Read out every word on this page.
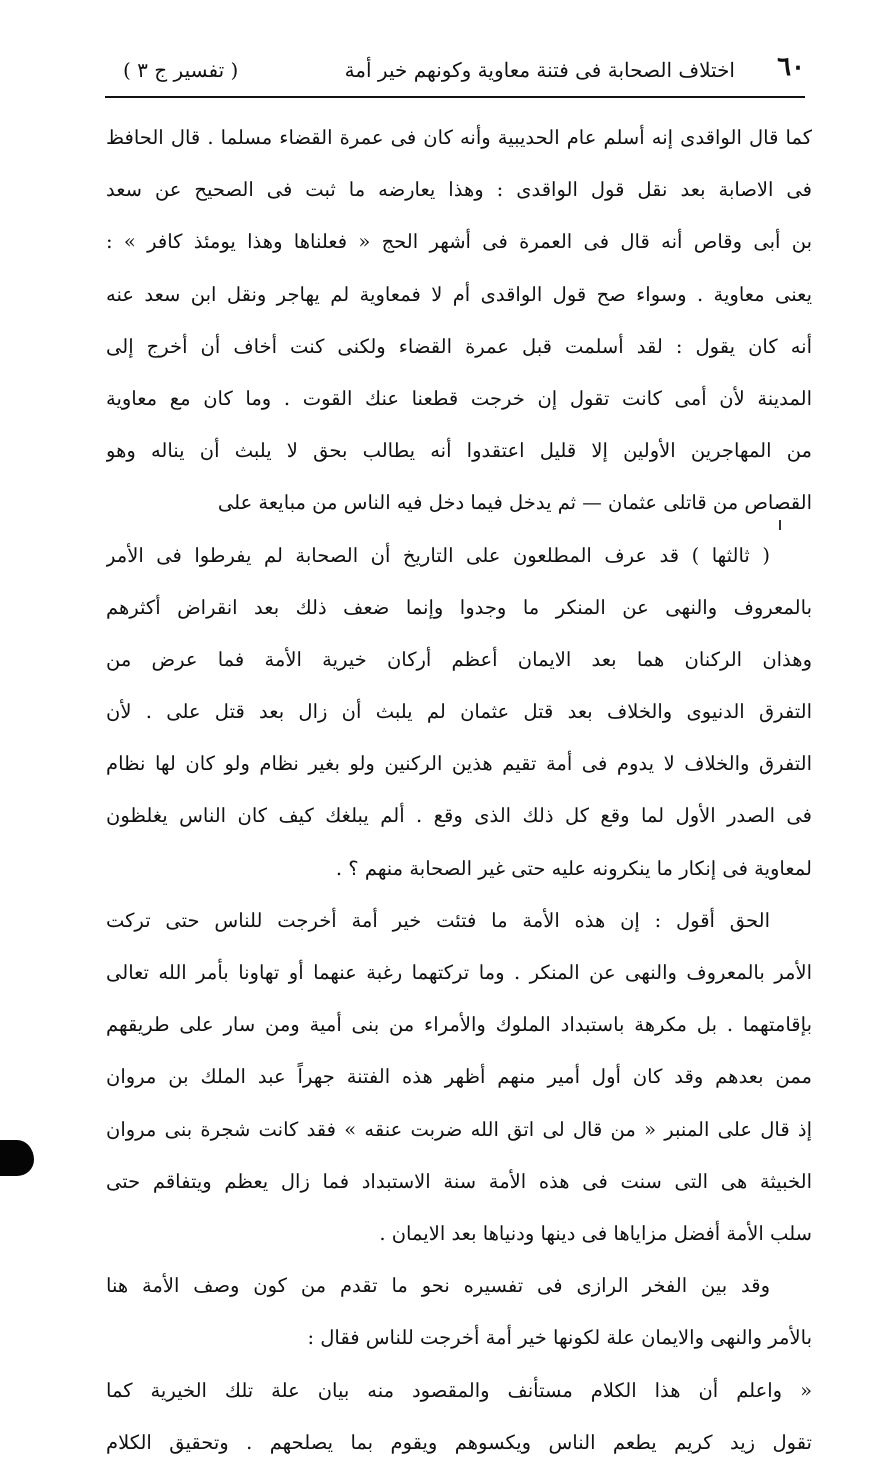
٦٠
اختلاف الصحابة فى فتنة معاوية وكونهم خير أمة
( تفسير ج ٣ )
كما قال الواقدى إنه أسلم عام الحديبية وأنه كان فى عمرة القضاء مسلما . قال الحافظ
فى الاصابة بعد نقل قول الواقدى : وهذا يعارضه ما ثبت فى الصحيح عن سعد
بن أبى وقاص أنه قال فى العمرة فى أشهر الحج « فعلناها وهذا يومئذ كافر » :
يعنى معاوية . وسواء صح قول الواقدى أم لا فمعاوية لم يهاجر ونقل ابن سعد عنه
أنه كان يقول : لقد أسلمت قبل عمرة القضاء ولكنى كنت أخاف أن أخرج إلى
المدينة لأن أمى كانت تقول إن خرجت قطعنا عنك القوت . وما كان مع معاوية
من المهاجرين الأولين إلا قليل اعتقدوا أنه يطالب بحق لا يلبث أن يناله وهو
القصاص من قاتلى عثمان — ثم يدخل فيما دخل فيه الناس من مبايعة على
( ثالثها ) قد عرف المطلعون على التاريخ أن الصحابة لم يفرطوا فى الأمر
بالمعروف والنهى عن المنكر ما وجدوا وإنما ضعف ذلك بعد انقراض أكثرهم
وهذان الركنان هما بعد الايمان أعظم أركان خيرية الأمة فما عرض من
التفرق الدنيوى والخلاف بعد قتل عثمان لم يلبث أن زال بعد قتل على . لأن
التفرق والخلاف لا يدوم فى أمة تقيم هذين الركنين ولو بغير نظام ولو كان لها نظام
فى الصدر الأول لما وقع كل ذلك الذى وقع . ألم يبلغك كيف كان الناس يغلظون
لمعاوية فى إنكار ما ينكرونه عليه حتى غير الصحابة منهم ؟ .
الحق أقول : إن هذه الأمة ما فتئت خير أمة أخرجت للناس حتى تركت
الأمر بالمعروف والنهى عن المنكر . وما تركتهما رغبة عنهما أو تهاونا بأمر الله تعالى
بإقامتهما . بل مكرهة باستبداد الملوك والأمراء من بنى أمية ومن سار على طريقهم
ممن بعدهم وقد كان أول أمير منهم أظهر هذه الفتنة جهراً عبد الملك بن مروان
إذ قال على المنبر « من قال لى اتق الله ضربت عنقه » فقد كانت شجرة بنى مروان
الخبيثة هى التى سنت فى هذه الأمة سنة الاستبداد فما زال يعظم ويتفاقم حتى
سلب الأمة أفضل مزاياها فى دينها ودنياها بعد الايمان .
وقد بين الفخر الرازى فى تفسيره نحو ما تقدم من كون وصف الأمة هنا
بالأمر والنهى والايمان علة لكونها خير أمة أخرجت للناس فقال :
« واعلم أن هذا الكلام مستأنف والمقصود منه بيان علة تلك الخيرية كما
تقول زيد كريم يطعم الناس ويكسوهم ويقوم بما يصلحهم . وتحقيق الكلام
